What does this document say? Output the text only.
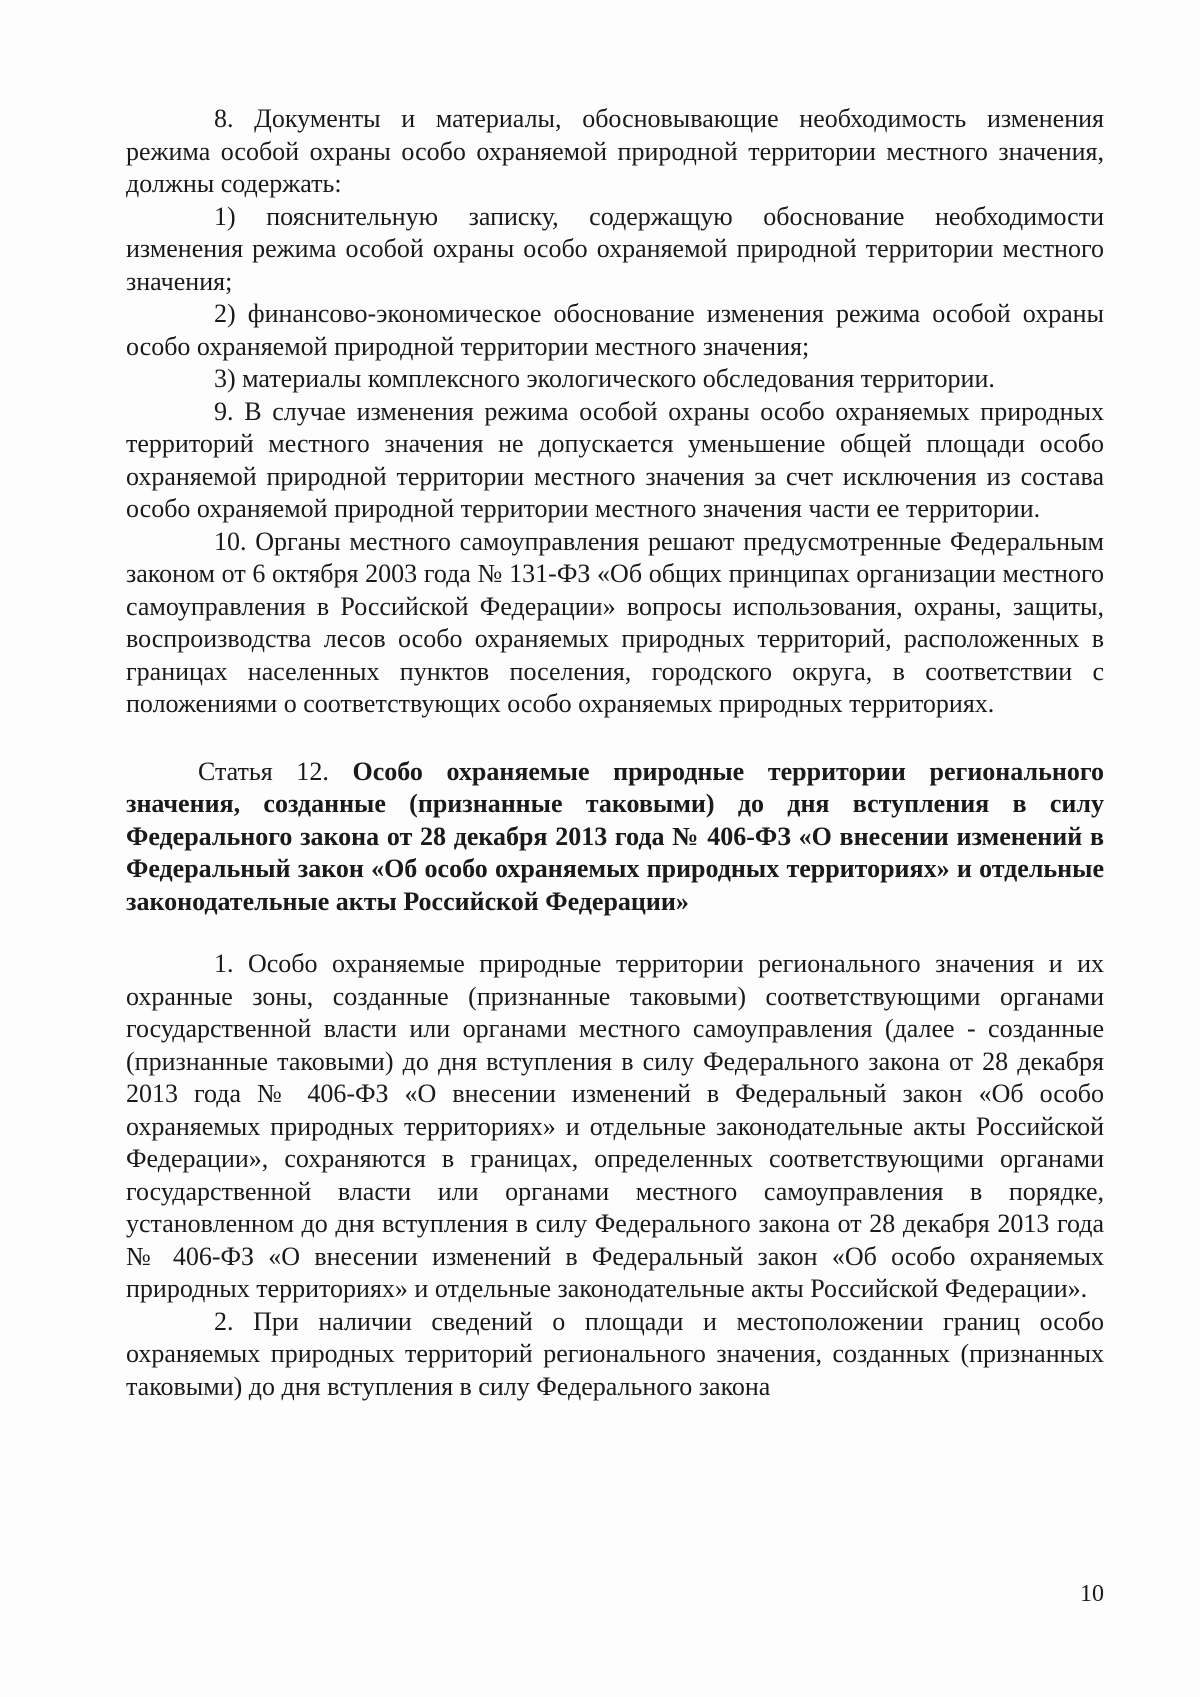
8. Документы и материалы, обосновывающие необходимость изменения режима особой охраны особо охраняемой природной территории местного значения, должны содержать:

1) пояснительную записку, содержащую обоснование необходимости изменения режима особой охраны особо охраняемой природной территории местного значения;

2) финансово-экономическое обоснование изменения режима особой охраны особо охраняемой природной территории местного значения;

3) материалы комплексного экологического обследования территории.

9. В случае изменения режима особой охраны особо охраняемых природных территорий местного значения не допускается уменьшение общей площади особо охраняемой природной территории местного значения за счет исключения из состава особо охраняемой природной территории местного значения части ее территории.

10. Органы местного самоуправления решают предусмотренные Федеральным законом от 6 октября 2003 года № 131-ФЗ «Об общих принципах организации местного самоуправления в Российской Федерации» вопросы использования, охраны, защиты, воспроизводства лесов особо охраняемых природных территорий, расположенных в границах населенных пунктов поселения, городского округа, в соответствии с положениями о соответствующих особо охраняемых природных территориях.

Статья 12. Особо охраняемые природные территории регионального значения, созданные (признанные таковыми) до дня вступления в силу Федерального закона от 28 декабря 2013 года № 406-ФЗ «О внесении изменений в Федеральный закон «Об особо охраняемых природных территориях» и отдельные законодательные акты Российской Федерации»

1. Особо охраняемые природные территории регионального значения и их охранные зоны, созданные (признанные таковыми) соответствующими органами государственной власти или органами местного самоуправления (далее - созданные (признанные таковыми) до дня вступления в силу Федерального закона от 28 декабря 2013 года № 406-ФЗ «О внесении изменений в Федеральный закон «Об особо охраняемых природных территориях» и отдельные законодательные акты Российской Федерации», сохраняются в границах, определенных соответствующими органами государственной власти или органами местного самоуправления в порядке, установленном до дня вступления в силу Федерального закона от 28 декабря 2013 года № 406-ФЗ «О внесении изменений в Федеральный закон «Об особо охраняемых природных территориях» и отдельные законодательные акты Российской Федерации».

2. При наличии сведений о площади и местоположении границ особо охраняемых природных территорий регионального значения, созданных (признанных таковыми) до дня вступления в силу Федерального закона

10
